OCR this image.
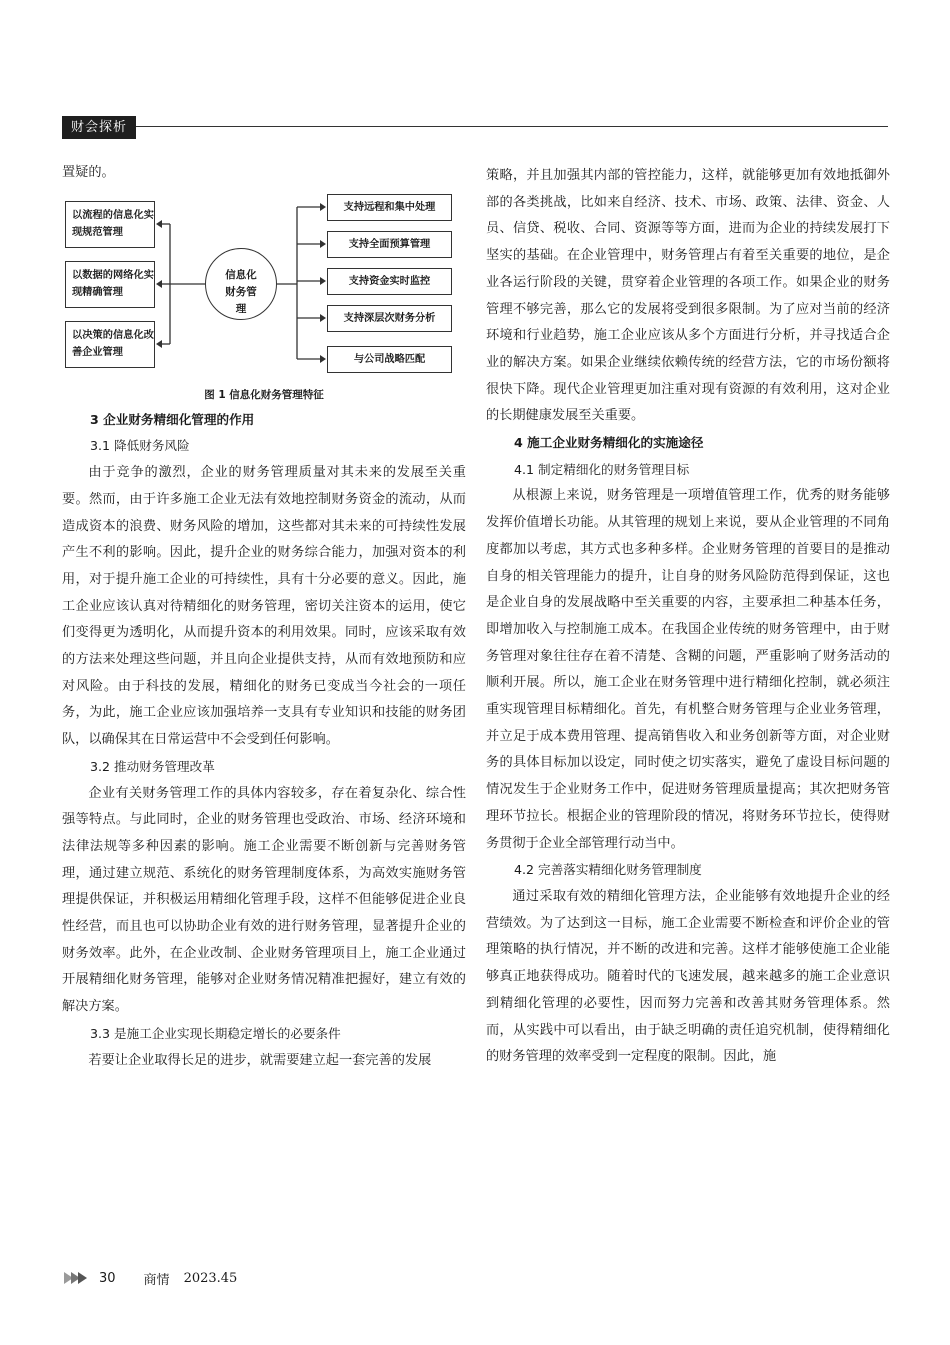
财会探析

置疑的。

以流程的信息化实现规范管理
以数据的网络化实现精确管理
以决策的信息化改善企业管理
信息化财务管理
支持远程和集中处理
支持全面预算管理
支持资金实时监控
支持深层次财务分析
与公司战略匹配
图 1 信息化财务管理特征
3 企业财务精细化管理的作用
3.1 降低财务风险

由于竞争的激烈，企业的财务管理质量对其未来的发展至关重要。然而，由于许多施工企业无法有效地控制财务资金的流动，从而造成资本的浪费、财务风险的增加，这些都对其未来的可持续性发展产生不利的影响。因此，提升企业的财务综合能力，加强对资本的利用，对于提升施工企业的可持续性，具有十分必要的意义。因此，施工企业应该认真对待精细化的财务管理，密切关注资本的运用，使它们变得更为透明化，从而提升资本的利用效果。同时，应该采取有效的方法来处理这些问题，并且向企业提供支持，从而有效地预防和应对风险。由于科技的发展，精细化的财务已变成当今社会的一项任务，为此，施工企业应该加强培养一支具有专业知识和技能的财务团队，以确保其在日常运营中不会受到任何影响。

3.2 推动财务管理改革

企业有关财务管理工作的具体内容较多，存在着复杂化、综合性强等特点。与此同时，企业的财务管理也受政治、市场、经济环境和法律法规等多种因素的影响。施工企业需要不断创新与完善财务管理，通过建立规范、系统化的财务管理制度体系，为高效实施财务管理提供保证，并积极运用精细化管理手段，这样不但能够促进企业良性经营，而且也可以协助企业有效的进行财务管理，显著提升企业的财务效率。此外，在企业改制、企业财务管理项目上，施工企业通过开展精细化财务管理，能够对企业财务情况精准把握好，建立有效的解决方案。

3.3 是施工企业实现长期稳定增长的必要条件

若要让企业取得长足的进步，就需要建立起一套完善的发展

策略，并且加强其内部的管控能力，这样，就能够更加有效地抵御外部的各类挑战，比如来自经济、技术、市场、政策、法律、资金、人员、信贷、税收、合同、资源等等方面，进而为企业的持续发展打下坚实的基础。在企业管理中，财务管理占有着至关重要的地位，是企业各运行阶段的关键，贯穿着企业管理的各项工作。如果企业的财务管理不够完善，那么它的发展将受到很多限制。为了应对当前的经济环境和行业趋势，施工企业应该从多个方面进行分析，并寻找适合企业的解决方案。如果企业继续依赖传统的经营方法，它的市场份额将很快下降。现代企业管理更加注重对现有资源的有效利用，这对企业的长期健康发展至关重要。

4 施工企业财务精细化的实施途径
4.1 制定精细化的财务管理目标

从根源上来说，财务管理是一项增值管理工作，优秀的财务能够发挥价值增长功能。从其管理的规划上来说，要从企业管理的不同角度都加以考虑，其方式也多种多样。企业财务管理的首要目的是推动自身的相关管理能力的提升，让自身的财务风险防范得到保证，这也是企业自身的发展战略中至关重要的内容，主要承担二种基本任务，即增加收入与控制施工成本。在我国企业传统的财务管理中，由于财务管理对象往往存在着不清楚、含糊的问题，严重影响了财务活动的顺利开展。所以，施工企业在财务管理中进行精细化控制，就必须注重实现管理目标精细化。首先，有机整合财务管理与企业业务管理，并立足于成本费用管理、提高销售收入和业务创新等方面，对企业财务的具体目标加以设定，同时使之切实落实，避免了虚设目标问题的情况发生于企业财务工作中，促进财务管理质量提高；其次把财务管理环节拉长。根据企业的管理阶段的情况，将财务环节拉长，使得财务贯彻于企业全部管理行动当中。

4.2 完善落实精细化财务管理制度

通过采取有效的精细化管理方法，企业能够有效地提升企业的经营绩效。为了达到这一目标，施工企业需要不断检查和评价企业的管理策略的执行情况，并不断的改进和完善。这样才能够使施工企业能够真正地获得成功。随着时代的飞速发展，越来越多的施工企业意识到精细化管理的必要性，因而努力完善和改善其财务管理体系。然而，从实践中可以看出，由于缺乏明确的责任追究机制，使得精细化的财务管理的效率受到一定程度的限制。因此，施

30 商情 2023.45
